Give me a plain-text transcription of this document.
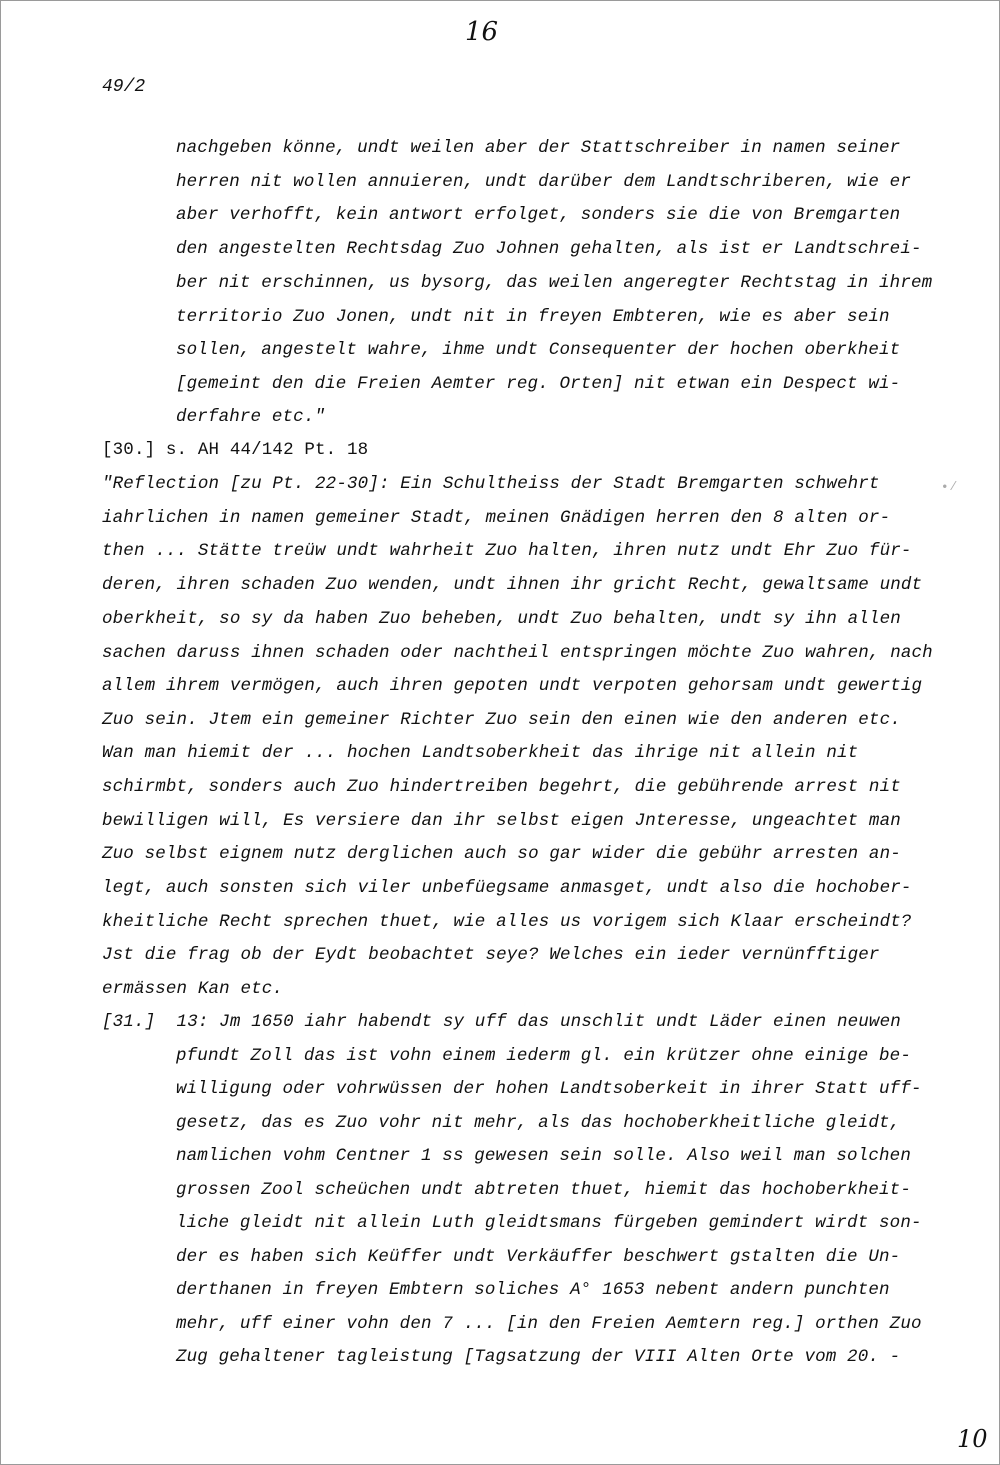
16
49/2
nachgeben könne, undt weilen aber der Stattschreiber in namen seiner
herren nit wollen annuieren, undt darüber dem Landtschriberen, wie er
aber verhofft, kein antwort erfolget, sonders sie die von Bremgarten
den angestelten Rechtsdag Zuo Johnen gehalten, als ist er Landtschrei-
ber nit erschinnen, us bysorg, das weilen angeregter Rechtstag in ihrem
territorio Zuo Jonen, undt nit in freyen Embteren, wie es aber sein
sollen, angestelt wahre, ihme undt Consequenter der hochen oberkheit
[gemeint den die Freien Aemter reg. Orten] nit etwan ein Despect wi-
derfahre etc."
[30.] s. AH 44/142 Pt. 18
"Reflection [zu Pt. 22-30]: Ein Schultheiss der Stadt Bremgarten schwehrt
iahrlichen in namen gemeiner Stadt, meinen Gnädigen herren den 8 alten or-
then ... Stätte treüw undt wahrheit Zuo halten, ihren nutz undt Ehr Zuo für-
deren, ihren schaden Zuo wenden, undt ihnen ihr gricht Recht, gewaltsame undt
oberkheit, so sy da haben Zuo beheben, undt Zuo behalten, undt sy ihn allen
sachen daruss ihnen schaden oder nachtheil entspringen möchte Zuo wahren, nach
allem ihrem vermögen, auch ihren gepoten undt verpoten gehorsam undt gewertig
Zuo sein. Jtem ein gemeiner Richter Zuo sein den einen wie den anderen etc.
Wan man hiemit der ... hochen Landtsoberkheit das ihrige nit allein nit
schirmbt, sonders auch Zuo hindertreiben begehrt, die gebührende arrest nit
bewilligen will, Es versiere dan ihr selbst eigen Jnteresse, ungeachtet man
Zuo selbst eignem nutz derglichen auch so gar wider die gebühr arresten an-
legt, auch sonsten sich viler unbefüegsame anmasget, undt also die hochober-
kheitliche Recht sprechen thuet, wie alles us vorigem sich Klaar erscheindt?
Jst die frag ob der Eydt beobachtet seye? Welches ein ieder vernünfftiger
ermässen Kan etc.
[31.]  13: Jm 1650 iahr habendt sy uff das unschlit undt Läder einen neuwen
pfundt Zoll das ist vohn einem iederm gl. ein krützer ohne einige be-
willigung oder vohrwüssen der hohen Landtsoberkeit in ihrer Statt uff-
gesetz, das es Zuo vohr nit mehr, als das hochoberkheitliche gleidt,
namlichen vohm Centner 1 ss gewesen sein solle. Also weil man solchen
grossen Zool scheüchen undt abtreten thuet, hiemit das hochoberkheit-
liche gleidt nit allein Luth gleidtsmans fürgeben gemindert wirdt son-
der es haben sich Keüffer undt Verkäuffer beschwert gstalten die Un-
derthanen in freyen Embtern soliches A° 1653 nebent andern punchten
mehr, uff einer vohn den 7 ... [in den Freien Aemtern reg.] orthen Zuo
Zug gehaltener tagleistung [Tagsatzung der VIII Alten Orte vom 20. -
∙ ⁄
10
